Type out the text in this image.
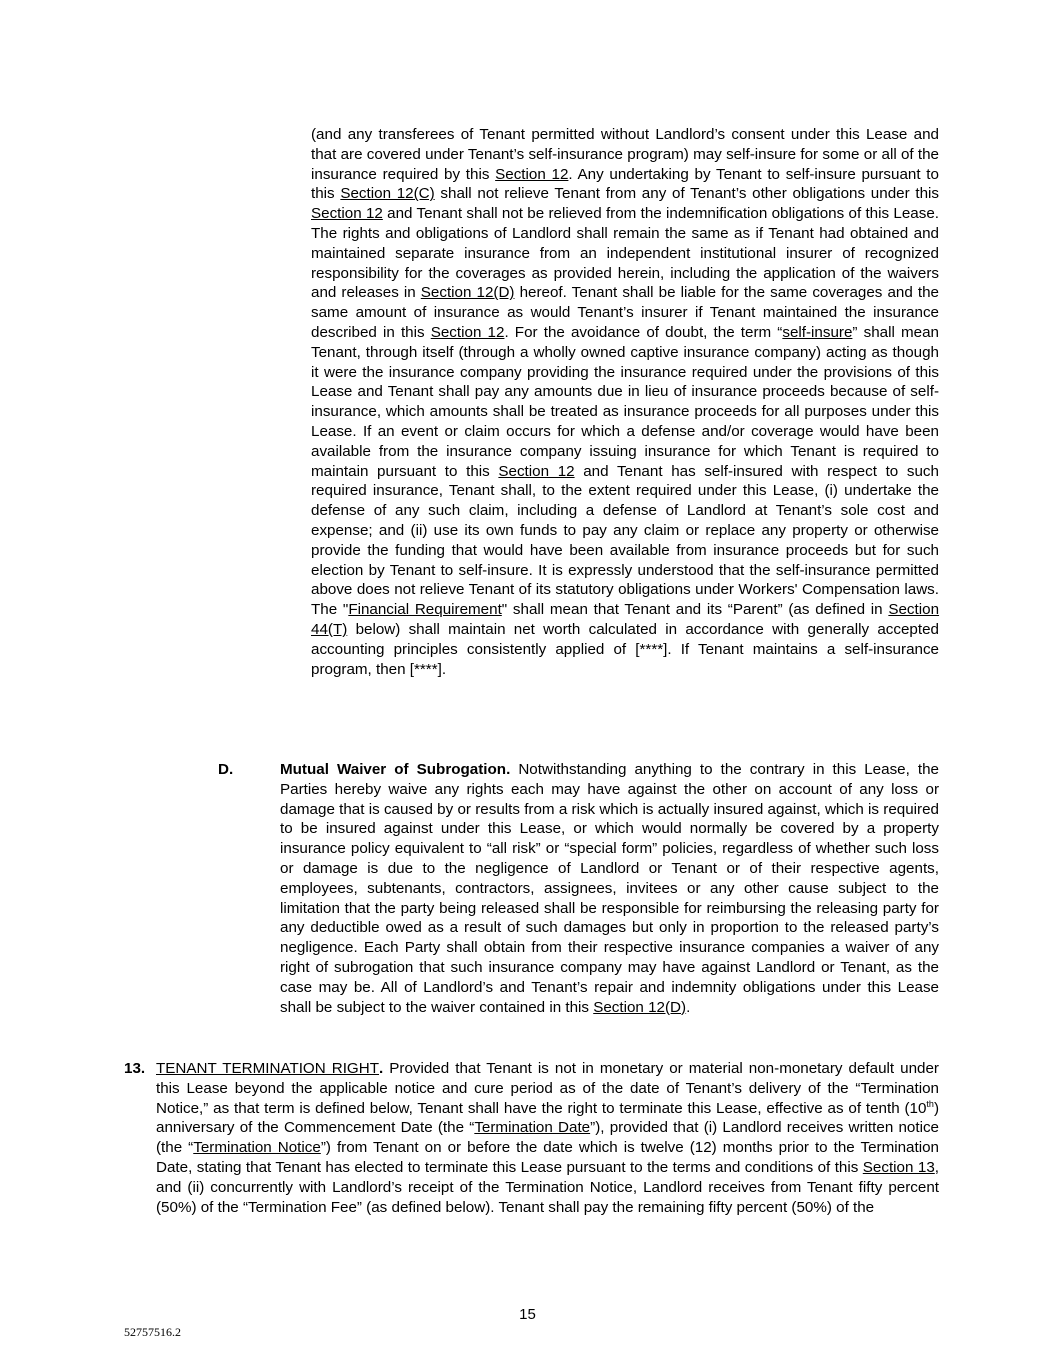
(and any transferees of Tenant permitted without Landlord’s consent under this Lease and that are covered under Tenant’s self-insurance program) may self-insure for some or all of the insurance required by this Section 12. Any undertaking by Tenant to self-insure pursuant to this Section 12(C) shall not relieve Tenant from any of Tenant’s other obligations under this Section 12 and Tenant shall not be relieved from the indemnification obligations of this Lease. The rights and obligations of Landlord shall remain the same as if Tenant had obtained and maintained separate insurance from an independent institutional insurer of recognized responsibility for the coverages as provided herein, including the application of the waivers and releases in Section 12(D) hereof. Tenant shall be liable for the same coverages and the same amount of insurance as would Tenant’s insurer if Tenant maintained the insurance described in this Section 12. For the avoidance of doubt, the term “self-insure” shall mean Tenant, through itself (through a wholly owned captive insurance company) acting as though it were the insurance company providing the insurance required under the provisions of this Lease and Tenant shall pay any amounts due in lieu of insurance proceeds because of self-insurance, which amounts shall be treated as insurance proceeds for all purposes under this Lease. If an event or claim occurs for which a defense and/or coverage would have been available from the insurance company issuing insurance for which Tenant is required to maintain pursuant to this Section 12 and Tenant has self-insured with respect to such required insurance, Tenant shall, to the extent required under this Lease, (i) undertake the defense of any such claim, including a defense of Landlord at Tenant’s sole cost and expense; and (ii) use its own funds to pay any claim or replace any property or otherwise provide the funding that would have been available from insurance proceeds but for such election by Tenant to self-insure. It is expressly understood that the self-insurance permitted above does not relieve Tenant of its statutory obligations under Workers' Compensation laws. The "Financial Requirement" shall mean that Tenant and its “Parent” (as defined in Section 44(T) below) shall maintain net worth calculated in accordance with generally accepted accounting principles consistently applied of [****]. If Tenant maintains a self-insurance program, then [****].
D.	Mutual Waiver of Subrogation. Notwithstanding anything to the contrary in this Lease, the Parties hereby waive any rights each may have against the other on account of any loss or damage that is caused by or results from a risk which is actually insured against, which is required to be insured against under this Lease, or which would normally be covered by a property insurance policy equivalent to “all risk” or “special form” policies, regardless of whether such loss or damage is due to the negligence of Landlord or Tenant or of their respective agents, employees, subtenants, contractors, assignees, invitees or any other cause subject to the limitation that the party being released shall be responsible for reimbursing the releasing party for any deductible owed as a result of such damages but only in proportion to the released party’s negligence. Each Party shall obtain from their respective insurance companies a waiver of any right of subrogation that such insurance company may have against Landlord or Tenant, as the case may be. All of Landlord’s and Tenant’s repair and indemnity obligations under this Lease shall be subject to the waiver contained in this Section 12(D).
13. TENANT TERMINATION RIGHT. Provided that Tenant is not in monetary or material non-monetary default under this Lease beyond the applicable notice and cure period as of the date of Tenant’s delivery of the “Termination Notice,” as that term is defined below, Tenant shall have the right to terminate this Lease, effective as of tenth (10th) anniversary of the Commencement Date (the “Termination Date”), provided that (i) Landlord receives written notice (the “Termination Notice”) from Tenant on or before the date which is twelve (12) months prior to the Termination Date, stating that Tenant has elected to terminate this Lease pursuant to the terms and conditions of this Section 13, and (ii) concurrently with Landlord’s receipt of the Termination Notice, Landlord receives from Tenant fifty percent (50%) of the “Termination Fee” (as defined below). Tenant shall pay the remaining fifty percent (50%) of the
15
52757516.2
